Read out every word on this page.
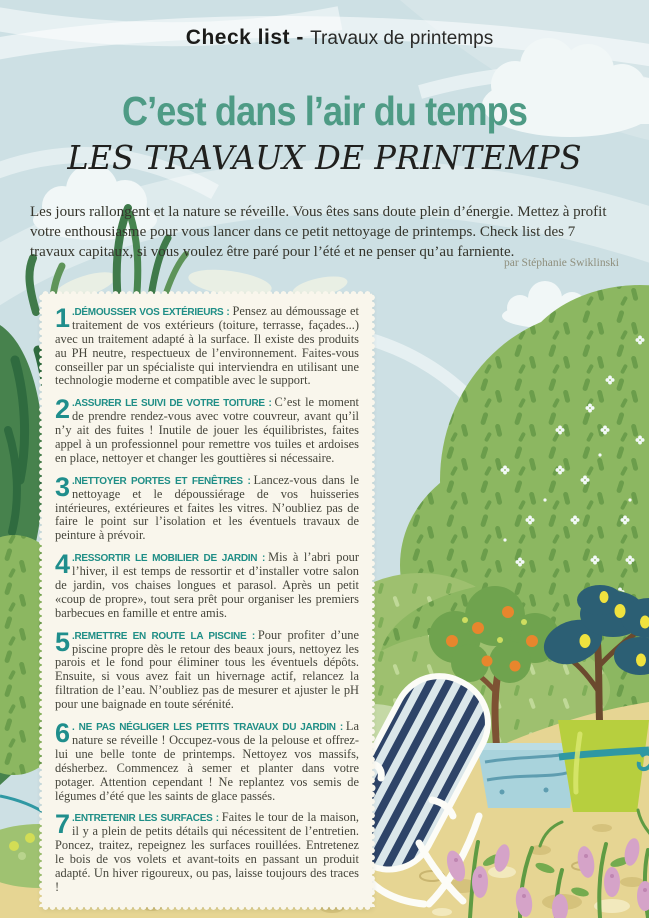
Check list - Travaux de printemps
C’est dans l’air du temps
LES TRAVAUX DE PRINTEMPS
Les jours rallongent et la nature se réveille. Vous êtes sans doute plein d’énergie. Mettez à profit votre enthousiasme pour vous lancer dans ce petit nettoyage de printemps. Check list des 7 travaux capitaux, si vous voulez être paré pour l’été et ne penser qu’au farniente.
par Stéphanie Swiklinski
1 .DÉMOUSSER VOS EXTÉRIEURS : Pensez au démoussage et traitement de vos extérieurs (toiture, terrasse, façades...) avec un traitement adapté à la surface. Il existe des produits au PH neutre, respectueux de l’environnement. Faites-vous conseiller par un spécialiste qui interviendra en utilisant une technologie moderne et compatible avec le support.
2 .ASSURER LE SUIVI DE VOTRE TOITURE : C’est le moment de prendre rendez-vous avec votre couvreur, avant qu’il n’y ait des fuites ! Inutile de jouer les équilibristes, faites appel à un professionnel pour remettre vos tuiles et ardoises en place, nettoyer et changer les gouttières si nécessaire.
3 .NETTOYER PORTES ET FENÊTRES : Lancez-vous dans le nettoyage et le dépoussiérage de vos huisseries intérieures, extérieures et faites les vitres. N’oubliez pas de faire le point sur l’isolation et les éventuels travaux de peinture à prévoir.
4 .RESSORTIR LE MOBILIER DE JARDIN : Mis à l’abri pour l’hiver, il est temps de ressortir et d’installer votre salon de jardin, vos chaises longues et parasol. Après un petit «coup de propre», tout sera prêt pour organiser les premiers barbecues en famille et entre amis.
5 .REMETTRE EN ROUTE LA PISCINE : Pour profiter d’une piscine propre dès le retour des beaux jours, nettoyez les parois et le fond pour éliminer tous les éventuels dépôts. Ensuite, si vous avez fait un hivernage actif, relancez la filtration de l’eau. N’oubliez pas de mesurer et ajuster le pH pour une baignade en toute sérénité.
6 . NE PAS NÉGLIGER LES PETITS TRAVAUX DU JARDIN : La nature se réveille ! Occupez-vous de la pelouse et offrez-lui une belle tonte de printemps. Nettoyez vos massifs, désherbez. Commencez à semer et planter dans votre potager. Attention cependant ! Ne replantez vos semis de légumes d’été que les saints de glace passés.
7 .ENTRETENIR LES SURFACES : Faites le tour de la maison, il y a plein de petits détails qui nécessitent de l’entretien. Poncez, traitez, repeignez les surfaces rouillées. Entretenez le bois de vos volets et avant-toits en passant un produit adapté. Un hiver rigoureux, ou pas, laisse toujours des traces !
